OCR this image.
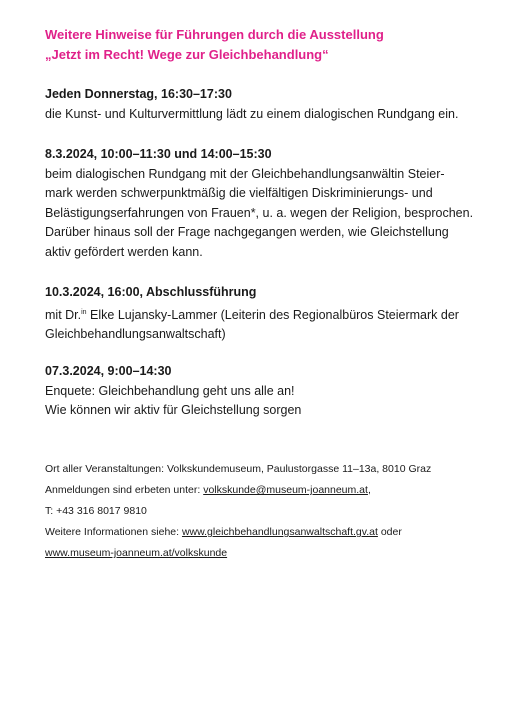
Weitere Hinweise für Führungen durch die Ausstellung
„Jetzt im Recht! Wege zur Gleichbehandlung“
Jeden Donnerstag, 16:30–17:30
die Kunst- und Kulturvermittlung lädt zu einem dialogischen Rundgang ein.
8.3.2024, 10:00–11:30 und 14:00–15:30
beim dialogischen Rundgang mit der Gleichbehandlungsanwältin Steier-
mark werden schwerpunktmäßig die vielfältigen Diskriminierungs- und
Belästigungserfahrungen von Frauen*, u. a. wegen der Religion, besprochen.
Darüber hinaus soll der Frage nachgegangen werden, wie Gleichstellung
aktiv gefördert werden kann.
10.3.2024, 16:00, Abschlussführung
mit Dr.$^{in}$ Elke Lujansky-Lammer (Leiterin des Regionalbüros Steiermark der
Gleichbehandlungsanwaltschaft)
07.3.2024, 9:00–14:30
Enquete: Gleichbehandlung geht uns alle an!
Wie können wir aktiv für Gleichstellung sorgen
Ort aller Veranstaltungen: Volkskundemuseum, Paulustorgasse 11–13a, 8010 Graz
Anmeldungen sind erbeten unter: volkskunde@museum-joanneum.at,
T: +43 316 8017 9810
Weitere Informationen siehe: www.gleichbehandlungsanwaltschaft.gv.at oder
www.museum-joanneum.at/volkskunde
